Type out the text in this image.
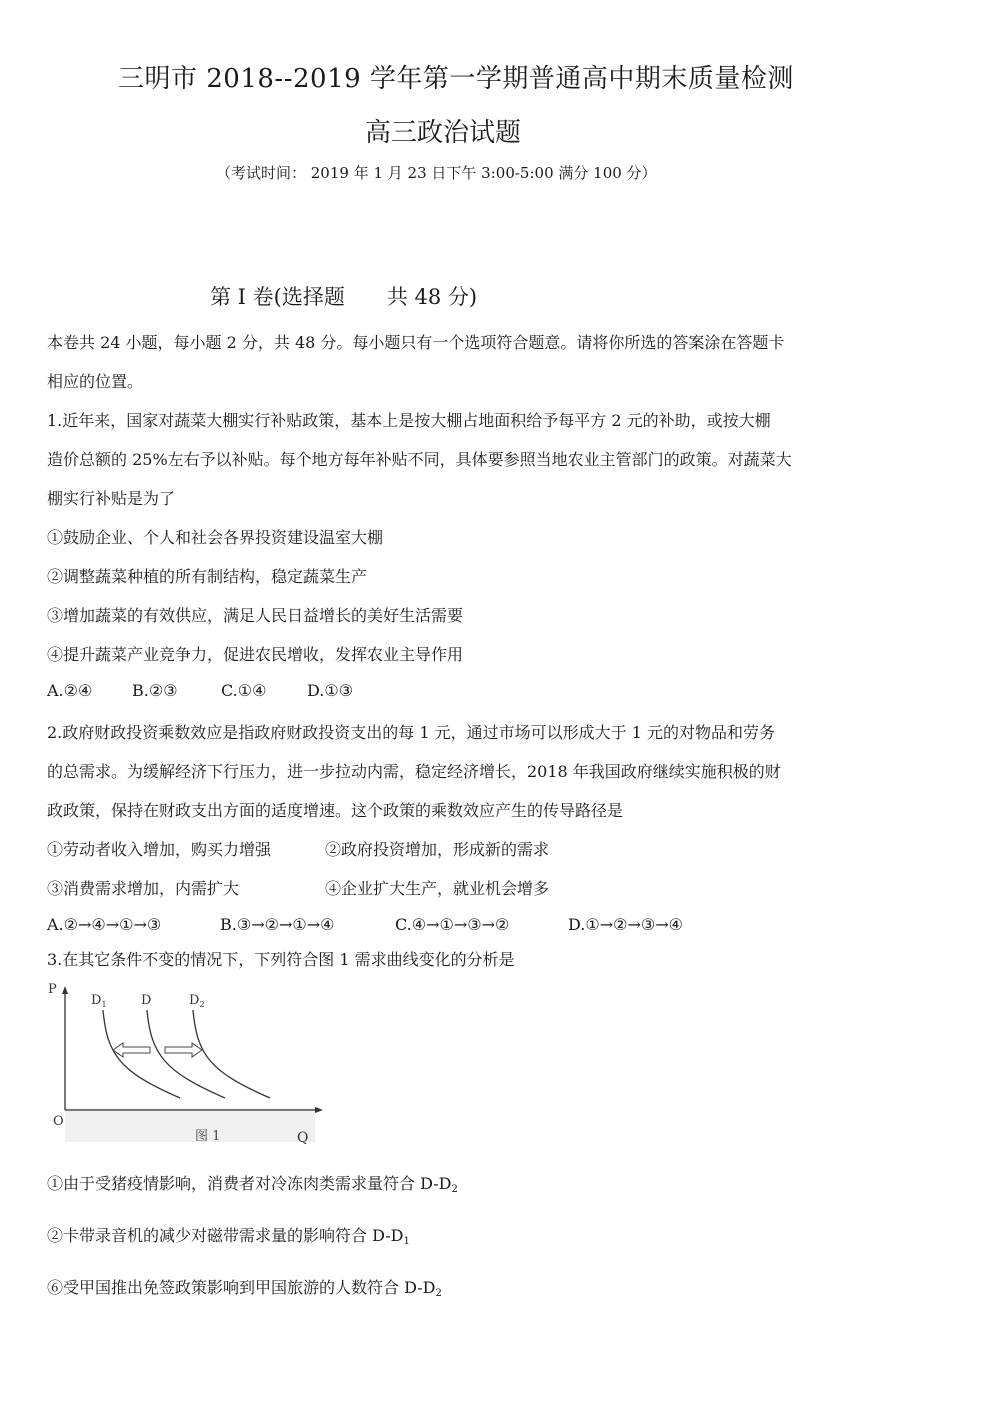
三明市 2018--2019 学年第一学期普通高中期末质量检测
高三政治试题
（考试时间： 2019 年 1 月 23 日下午 3:00-5:00 满分 100 分）
第 I 卷(选择题 共 48 分)
本卷共 24 小题，每小题 2 分，共 48 分。每小题只有一个选项符合题意。请将你所选的答案涂在答题卡
相应的位置。
1.近年来，国家对蔬菜大棚实行补贴政策，基本上是按大棚占地面积给予每平方 2 元的补助，或按大棚
造价总额的 25%左右予以补贴。每个地方每年补贴不同，具体要参照当地农业主管部门的政策。对蔬菜大
棚实行补贴是为了
①鼓励企业、个人和社会各界投资建设温室大棚
②调整蔬菜种植的所有制结构，稳定蔬菜生产
③增加蔬菜的有效供应，满足人民日益增长的美好生活需要
④提升蔬菜产业竞争力，促进农民增收，发挥农业主导作用
A.②④ B.②③	C.①④	D.①③
2.政府财政投资乘数效应是指政府财政投资支出的每 1 元，通过市场可以形成大于 1 元的对物品和劳务
的总需求。为缓解经济下行压力，进一步拉动内需，稳定经济增长，2018 年我国政府继续实施积极的财
政政策，保持在财政支出方面的适度增速。这个政策的乘数效应产生的传导路径是
①劳动者收入增加，购买力增强	②政府投资增加，形成新的需求
③消费需求增加，内需扩大	④企业扩大生产，就业机会增多
A.②→④→①→③	B.③→②→①→④	C.④→①→③→②	D.①→②→③→④
3.在其它条件不变的情况下，下列符合图 1 需求曲线变化的分析是
P
O
Q
图 1
$D_1$	D	$D_2$
①由于受猪疫情影响，消费者对冷冻肉类需求量符合 $D-D_2$
②卡带录音机的减少对磁带需求量的影响符合 $D-D_1$
⑥受甲国推出免签政策影响到甲国旅游的人数符合 $D-D_2$
